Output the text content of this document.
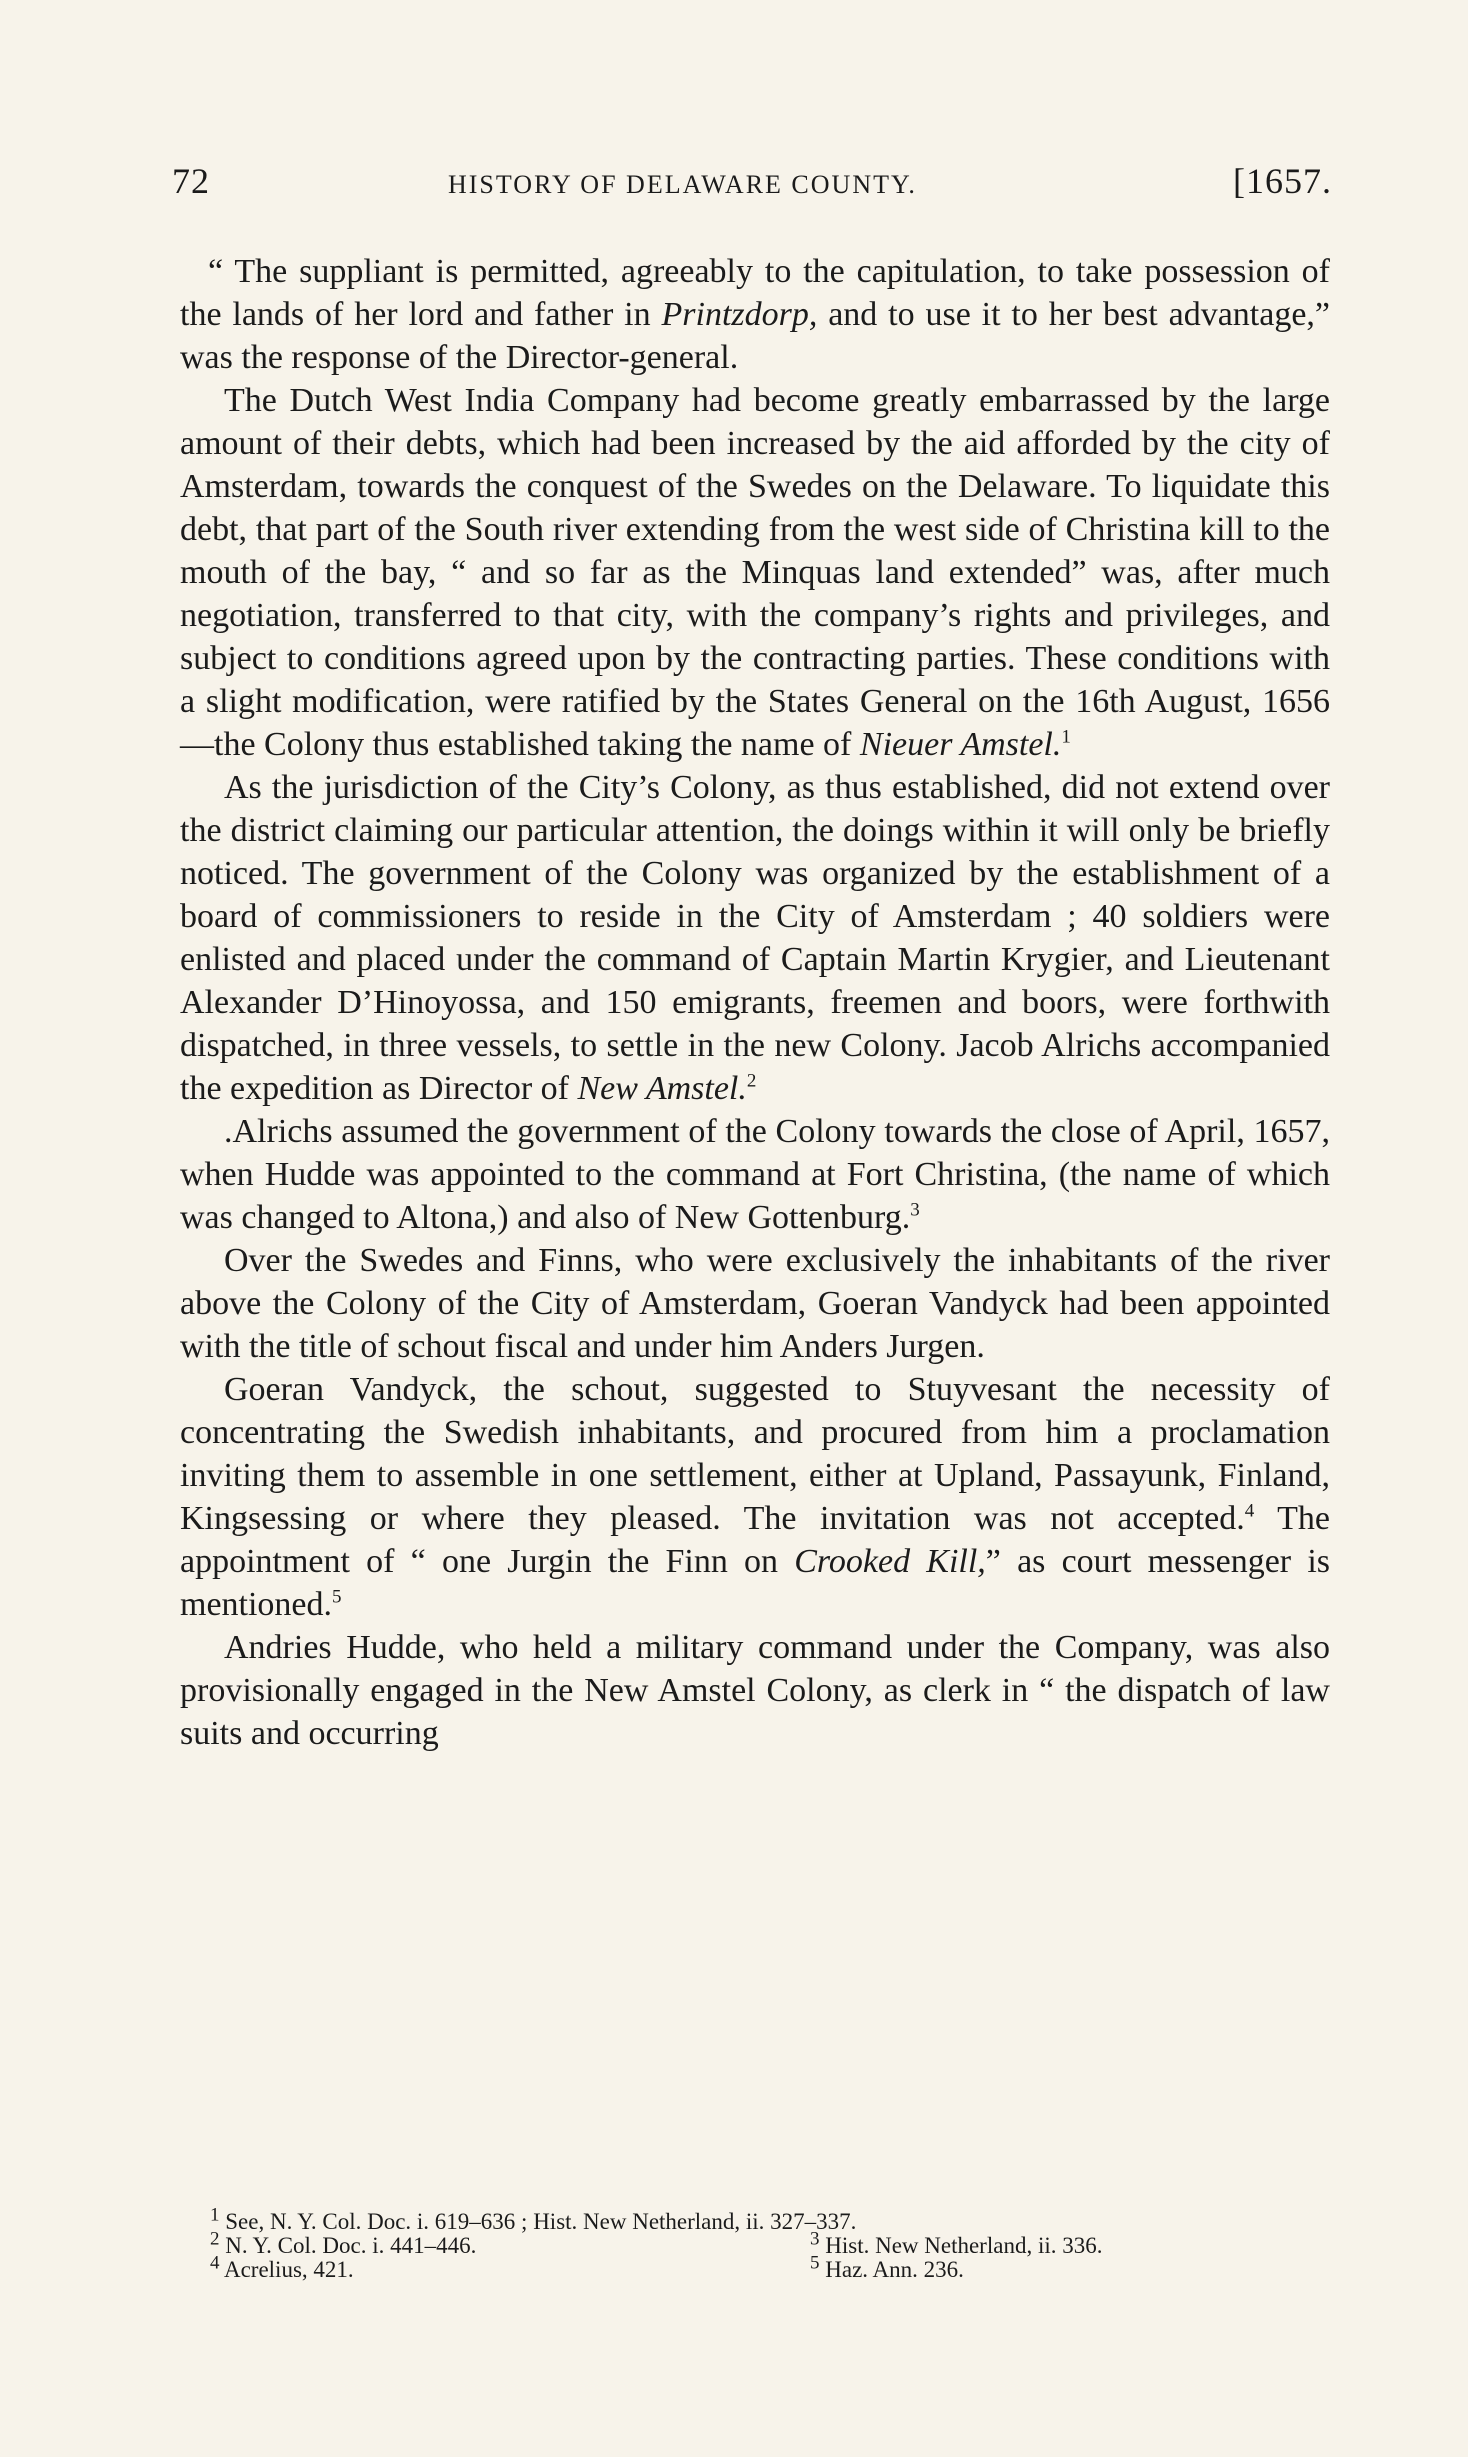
72	HISTORY OF DELAWARE COUNTY.	[1657.

“ The suppliant is permitted, agreeably to the capitulation, to take possession of the lands of her lord and father in Printzdorp, and to use it to her best advantage,” was the response of the Director-general.

The Dutch West India Company had become greatly embarrassed by the large amount of their debts, which had been increased by the aid afforded by the city of Amsterdam, towards the conquest of the Swedes on the Delaware. To liquidate this debt, that part of the South river extending from the west side of Christina kill to the mouth of the bay, “ and so far as the Minquas land extended” was, after much negotiation, transferred to that city, with the company’s rights and privileges, and subject to conditions agreed upon by the contracting parties. These conditions with a slight modification, were ratified by the States General on the 16th August, 1656—the Colony thus established taking the name of Nieuer Amstel.$^1$

As the jurisdiction of the City’s Colony, as thus established, did not extend over the district claiming our particular attention, the doings within it will only be briefly noticed. The government of the Colony was organized by the establishment of a board of commissioners to reside in the City of Amsterdam ; 40 soldiers were enlisted and placed under the command of Captain Martin Krygier, and Lieutenant Alexander D’Hinoyossa, and 150 emigrants, freemen and boors, were forthwith dispatched, in three vessels, to settle in the new Colony. Jacob Alrichs accompanied the expedition as Director of New Amstel.$^2$

.Alrichs assumed the government of the Colony towards the close of April, 1657, when Hudde was appointed to the command at Fort Christina, (the name of which was changed to Altona,) and also of New Gottenburg.$^3$

Over the Swedes and Finns, who were exclusively the inhabitants of the river above the Colony of the City of Amsterdam, Goeran Vandyck had been appointed with the title of schout fiscal and under him Anders Jurgen.

Goeran Vandyck, the schout, suggested to Stuyvesant the necessity of concentrating the Swedish inhabitants, and procured from him a proclamation inviting them to assemble in one settlement, either at Upland, Passayunk, Finland, Kingsessing or where they pleased. The invitation was not accepted.$^4$ The appointment of “ one Jurgin the Finn on Crooked Kill,” as court messenger is mentioned.$^5$

Andries Hudde, who held a military command under the Company, was also provisionally engaged in the New Amstel Colony, as clerk in “ the dispatch of law suits and occurring

$^1$ See, N. Y. Col. Doc. i. 619–636 ; Hist. New Netherland, ii. 327–337.
$^2$ N. Y. Col. Doc. i. 441–446.	$^3$ Hist. New Netherland, ii. 336.
$^4$ Acrelius, 421.	$^5$ Haz. Ann. 236.
